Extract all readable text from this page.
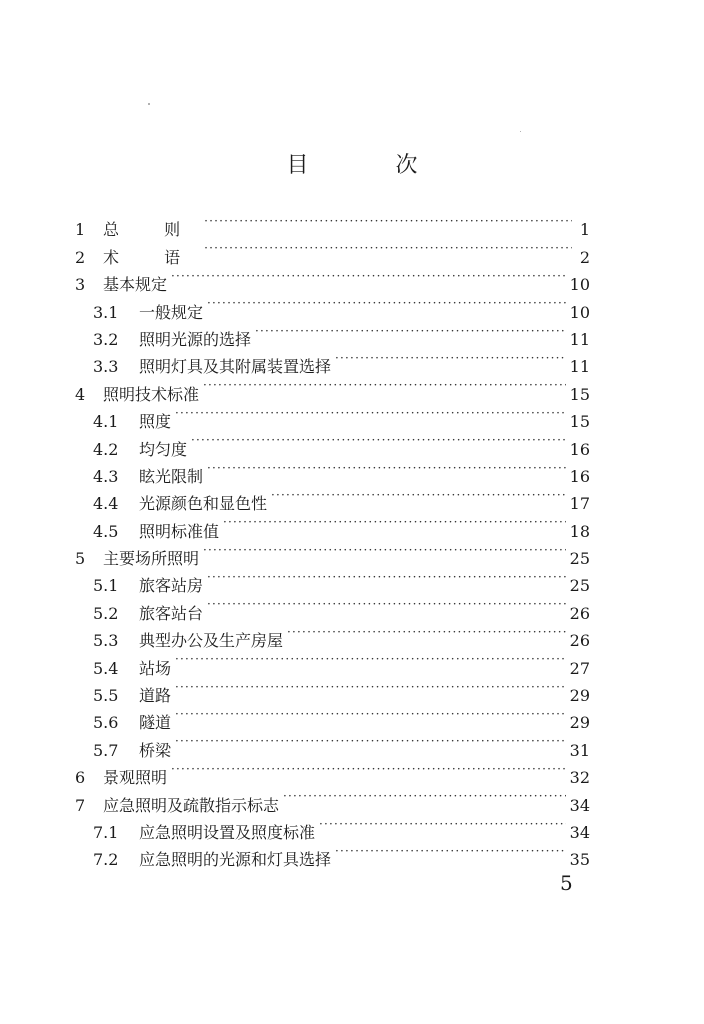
目 次
1	总 则 ·····	1
2	术 语 ·····	2
3	基本规定 ·····	10
3.1	一般规定 ·····	10
3.2	照明光源的选择 ·····	11
3.3	照明灯具及其附属装置选择 ·····	11
4	照明技术标准 ·····	15
4.1	照度 ·····	15
4.2	均匀度 ·····	16
4.3	眩光限制 ·····	16
4.4	光源颜色和显色性 ·····	17
4.5	照明标准值 ·····	18
5	主要场所照明 ·····	25
5.1	旅客站房 ·····	25
5.2	旅客站台 ·····	26
5.3	典型办公及生产房屋 ·····	26
5.4	站场 ·····	27
5.5	道路 ·····	29
5.6	隧道 ·····	29
5.7	桥梁 ·····	31
6	景观照明 ·····	32
7	应急照明及疏散指示标志 ·····	34
7.1	应急照明设置及照度标准 ·····	34
7.2	应急照明的光源和灯具选择 ·····	35
5
